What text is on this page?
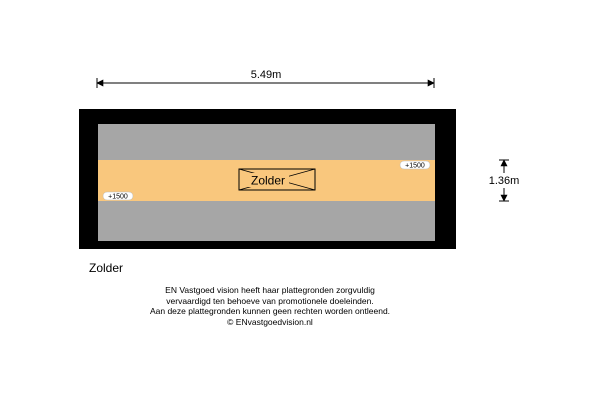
Zolder
+1500
+1500
5.49m
1.36m
Zolder
EN Vastgoed vision heeft haar plattegronden zorgvuldig
vervaardigd ten behoeve van promotionele doeleinden.
Aan deze plattegronden kunnen geen rechten worden ontleend.
© ENvastgoedvision.nl
